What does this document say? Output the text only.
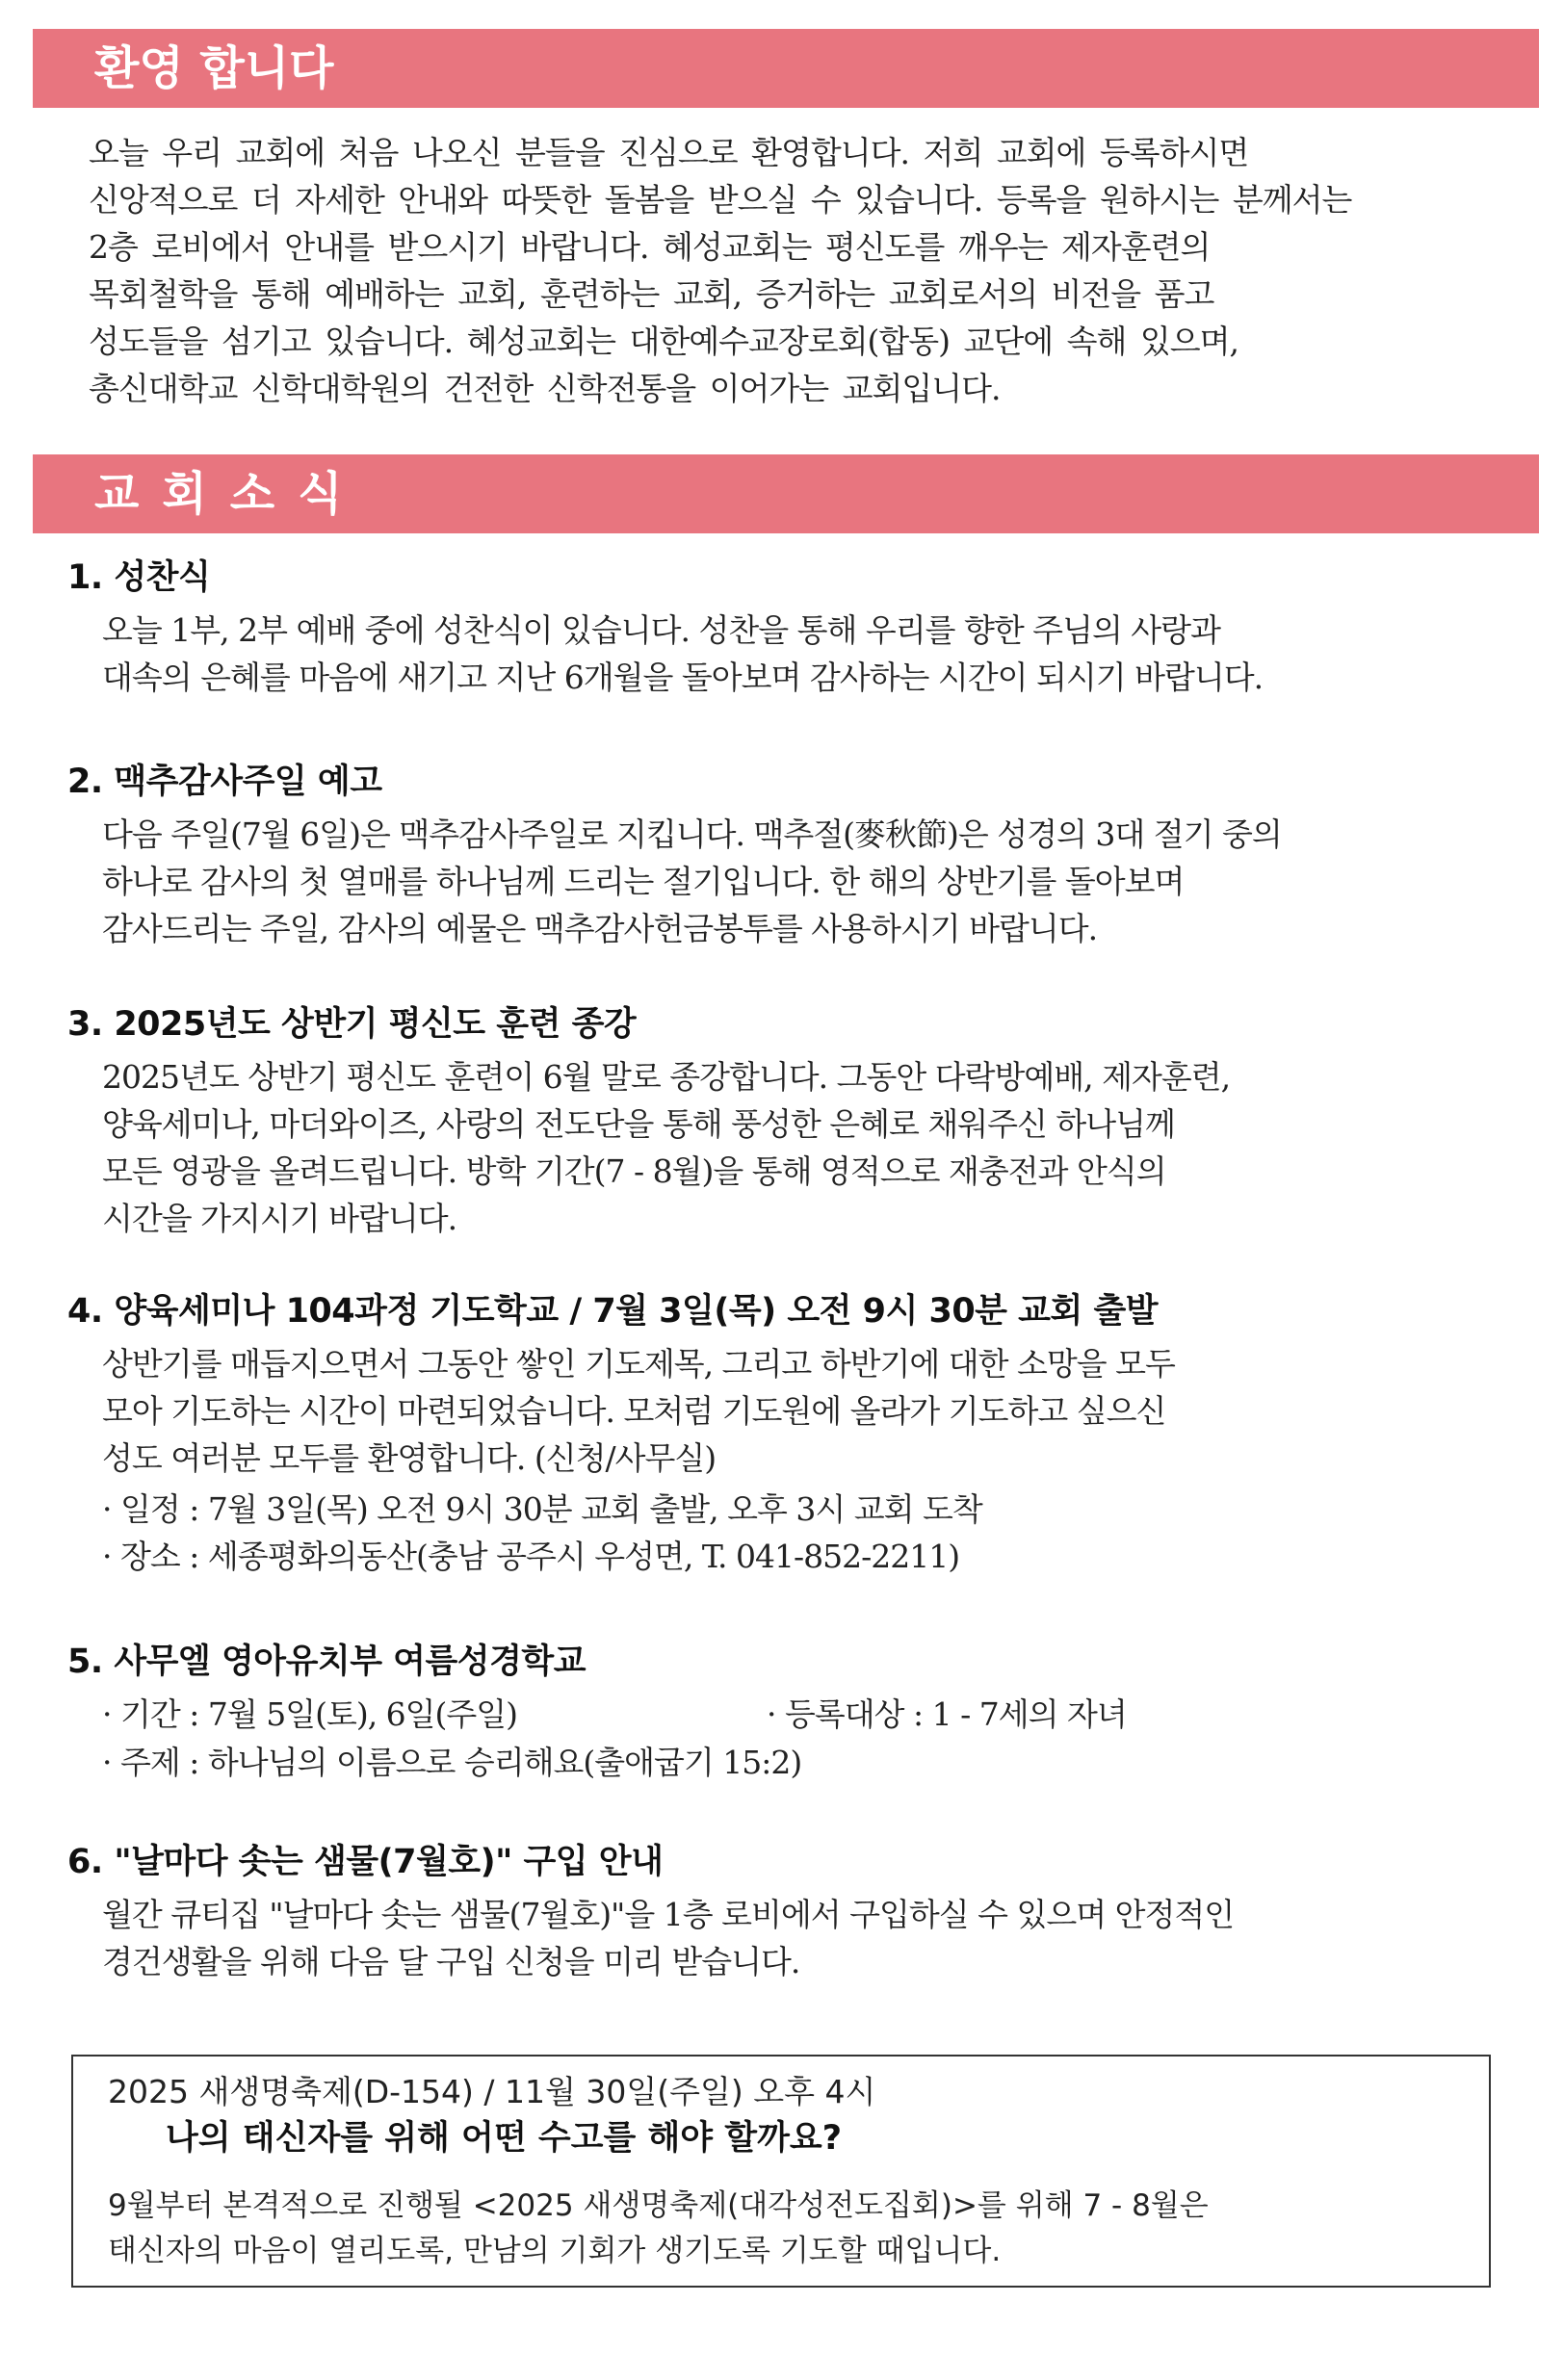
환영 합니다

오늘 우리 교회에 처음 나오신 분들을 진심으로 환영합니다. 저희 교회에 등록하시면
신앙적으로 더 자세한 안내와 따뜻한 돌봄을 받으실 수 있습니다. 등록을 원하시는 분께서는
2층 로비에서 안내를 받으시기 바랍니다. 혜성교회는 평신도를 깨우는 제자훈련의
목회철학을 통해 예배하는 교회, 훈련하는 교회, 증거하는 교회로서의 비전을 품고
성도들을 섬기고 있습니다. 혜성교회는 대한예수교장로회(합동) 교단에 속해 있으며,
총신대학교 신학대학원의 건전한 신학전통을 이어가는 교회입니다.

교회소식
1. 성찬식

오늘 1부, 2부 예배 중에 성찬식이 있습니다. 성찬을 통해 우리를 향한 주님의 사랑과
대속의 은혜를 마음에 새기고 지난 6개월을 돌아보며 감사하는 시간이 되시기 바랍니다.

2. 맥추감사주일 예고

다음 주일(7월 6일)은 맥추감사주일로 지킵니다. 맥추절(麥秋節)은 성경의 3대 절기 중의
하나로 감사의 첫 열매를 하나님께 드리는 절기입니다. 한 해의 상반기를 돌아보며
감사드리는 주일, 감사의 예물은 맥추감사헌금봉투를 사용하시기 바랍니다.

3. 2025년도 상반기 평신도 훈련 종강

2025년도 상반기 평신도 훈련이 6월 말로 종강합니다. 그동안 다락방예배, 제자훈련,
양육세미나, 마더와이즈, 사랑의 전도단을 통해 풍성한 은혜로 채워주신 하나님께
모든 영광을 올려드립니다. 방학 기간(7 - 8월)을 통해 영적으로 재충전과 안식의
시간을 가지시기 바랍니다.

4. 양육세미나 104과정 기도학교 / 7월 3일(목) 오전 9시 30분 교회 출발

상반기를 매듭지으면서 그동안 쌓인 기도제목, 그리고 하반기에 대한 소망을 모두
모아 기도하는 시간이 마련되었습니다. 모처럼 기도원에 올라가 기도하고 싶으신
성도 여러분 모두를 환영합니다. (신청/사무실)
· 일정 : 7월 3일(목) 오전 9시 30분 교회 출발, 오후 3시 교회 도착
· 장소 : 세종평화의동산(충남 공주시 우성면, T. 041-852-2211)

5. 사무엘 영아유치부 여름성경학교
· 기간 : 7월 5일(토), 6일(주일)	· 등록대상 : 1 - 7세의 자녀
· 주제 : 하나님의 이름으로 승리해요(출애굽기 15:2)
6. "날마다 솟는 샘물(7월호)" 구입 안내

월간 큐티집 "날마다 솟는 샘물(7월호)"을 1층 로비에서 구입하실 수 있으며 안정적인
경건생활을 위해 다음 달 구입 신청을 미리 받습니다.

2025 새생명축제(D-154) / 11월 30일(주일) 오후 4시
나의 태신자를 위해 어떤 수고를 해야 할까요?

9월부터 본격적으로 진행될 <2025 새생명축제(대각성전도집회)>를 위해 7 - 8월은
태신자의 마음이 열리도록, 만남의 기회가 생기도록 기도할 때입니다.
